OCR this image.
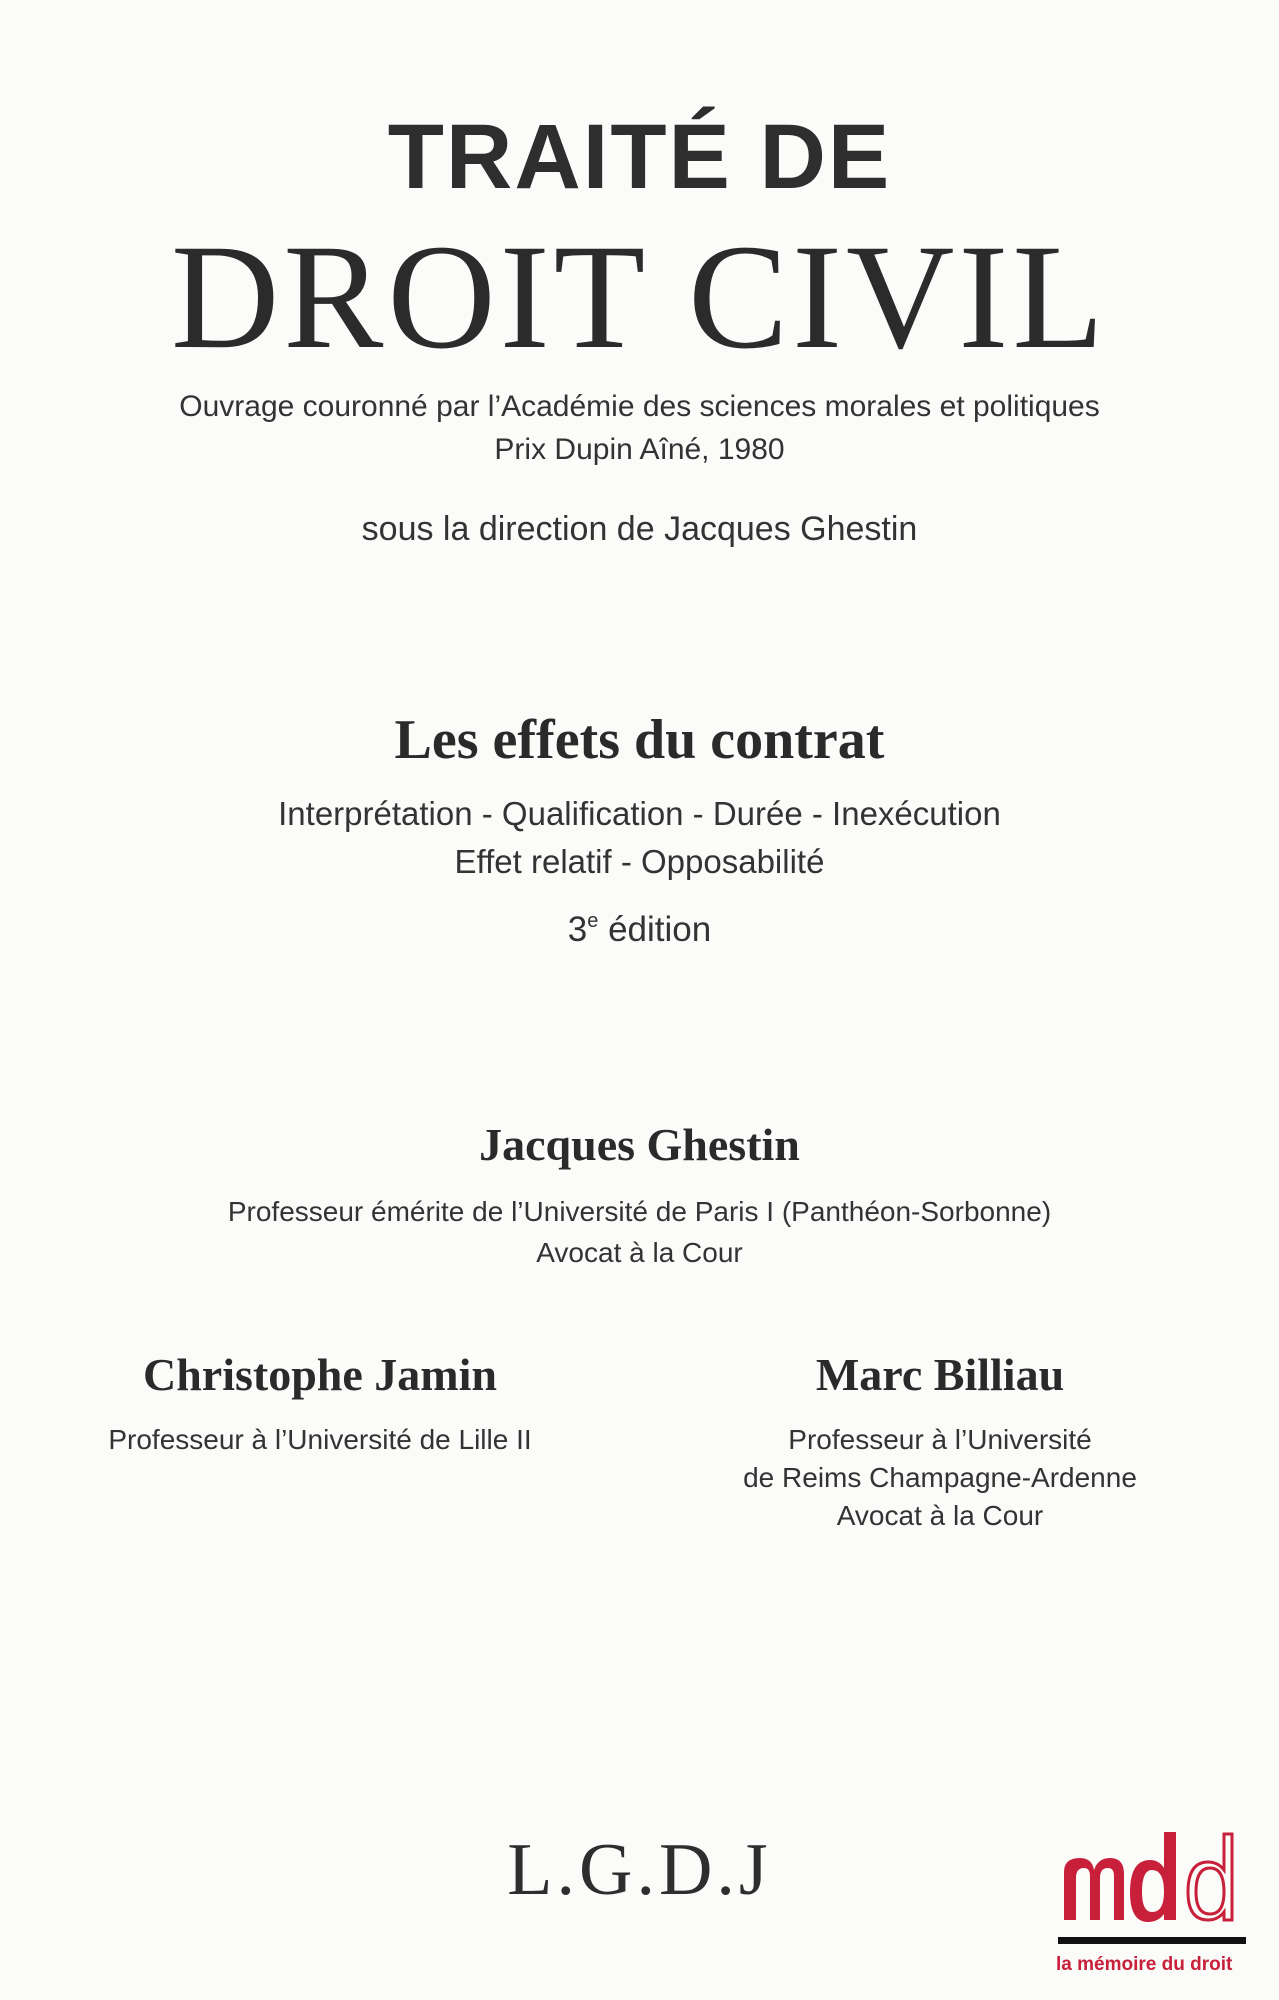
TRAITÉ DE
DROIT CIVIL
Ouvrage couronné par l’Académie des sciences morales et politiques
Prix Dupin Aîné, 1980
sous la direction de Jacques Ghestin
Les effets du contrat
Interprétation - Qualification - Durée - Inexécution
Effet relatif - Opposabilité
3e édition
Jacques Ghestin
Professeur émérite de l’Université de Paris I (Panthéon-Sorbonne)
Avocat à la Cour
Christophe Jamin
Professeur à l’Université de Lille II
Marc Billiau
Professeur à l’Université
de Reims Champagne-Ardenne
Avocat à la Cour
L.G.D.J
la mémoire du droit
